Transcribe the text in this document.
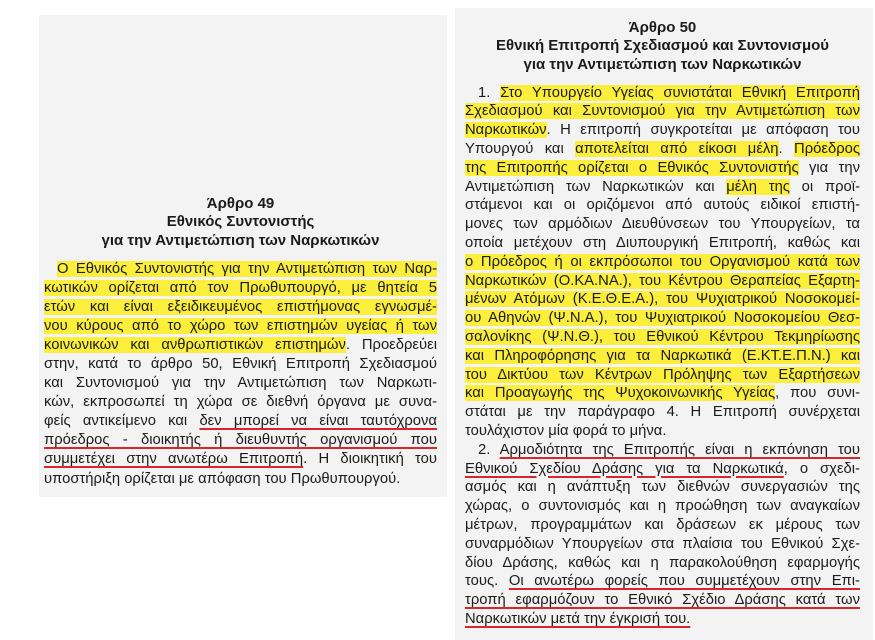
Άρθρο 49
Εθνικός Συντονιστής
για την Αντιμετώπιση των Ναρκωτικών
Ο Εθνικός Συντονιστής για την Αντιμετώπιση των Ναρ-
κωτικών ορίζεται από τον Πρωθυπουργό, με θητεία 5
ετών και είναι εξειδικευμένος επιστήμονας εγνωσμέ-
νου κύρους από το χώρο των επιστημών υγείας ή των
κοινωνικών και ανθρωπιστικών επιστημών. Προεδρεύει
στην, κατά το άρθρο 50, Εθνική Επιτροπή Σχεδιασμού
και Συντονισμού για την Αντιμετώπιση των Ναρκωτι-
κών, εκπροσωπεί τη χώρα σε διεθνή όργανα με συνα-
φείς αντικείμενο και δεν μπορεί να είναι ταυτόχρονα
πρόεδρος - διοικητής ή διευθυντής οργανισμού που
συμμετέχει στην ανωτέρω Επιτροπή. Η διοικητική του
υποστήριξη ορίζεται με απόφαση του Πρωθυπουργού.
Άρθρο 50
Εθνική Επιτροπή Σχεδιασμού και Συντονισμού
για την Αντιμετώπιση των Ναρκωτικών
1. Στο Υπουργείο Υγείας συνιστάται Εθνική Επιτροπή
Σχεδιασμού και Συντονισμού για την Αντιμετώπιση των
Ναρκωτικών. Η επιτροπή συγκροτείται με απόφαση του
Υπουργού και αποτελείται από είκοσι μέλη. Πρόεδρος
της Επιτροπής ορίζεται ο Εθνικός Συντονιστής για την
Αντιμετώπιση των Ναρκωτικών και μέλη της οι προϊ-
στάμενοι και οι οριζόμενοι από αυτούς ειδικοί επιστή-
μονες των αρμόδιων Διευθύνσεων του Υπουργείων, τα
οποία μετέχουν στη Διυπουργική Επιτροπή, καθώς και
ο Πρόεδρος ή οι εκπρόσωποι του Οργανισμού κατά των
Ναρκωτικών (Ο.ΚΑ.ΝΑ.), του Κέντρου Θεραπείας Εξαρτη-
μένων Ατόμων (Κ.Ε.Θ.Ε.Α.), του Ψυχιατρικού Νοσοκομεί-
ου Αθηνών (Ψ.Ν.Α.), του Ψυχιατρικού Νοσοκομείου Θεσ-
σαλονίκης (Ψ.Ν.Θ.), του Εθνικού Κέντρου Τεκμηρίωσης
και Πληροφόρησης για τα Ναρκωτικά (Ε.ΚΤ.Ε.Π.Ν.) και
του Δικτύου των Κέντρων Πρόληψης των Εξαρτήσεων
και Προαγωγής της Ψυχοκοινωνικής Υγείας, που συνι-
στάται με την παράγραφο 4. Η Επιτροπή συνέρχεται
τουλάχιστον μία φορά το μήνα.
2. Αρμοδιότητα της Επιτροπής είναι η εκπόνηση του
Εθνικού Σχεδίου Δράσης για τα Ναρκωτικά, ο σχεδι-
ασμός και η ανάπτυξη των διεθνών συνεργασιών της
χώρας, ο συντονισμός και η προώθηση των αναγκαίων
μέτρων, προγραμμάτων και δράσεων εκ μέρους των
συναρμόδιων Υπουργείων στα πλαίσια του Εθνικού Σχε-
δίου Δράσης, καθώς και η παρακολούθηση εφαρμογής
τους. Οι ανωτέρω φορείς που συμμετέχουν στην Επι-
τροπή εφαρμόζουν το Εθνικό Σχέδιο Δράσης κατά των
Ναρκωτικών μετά την έγκρισή του.
